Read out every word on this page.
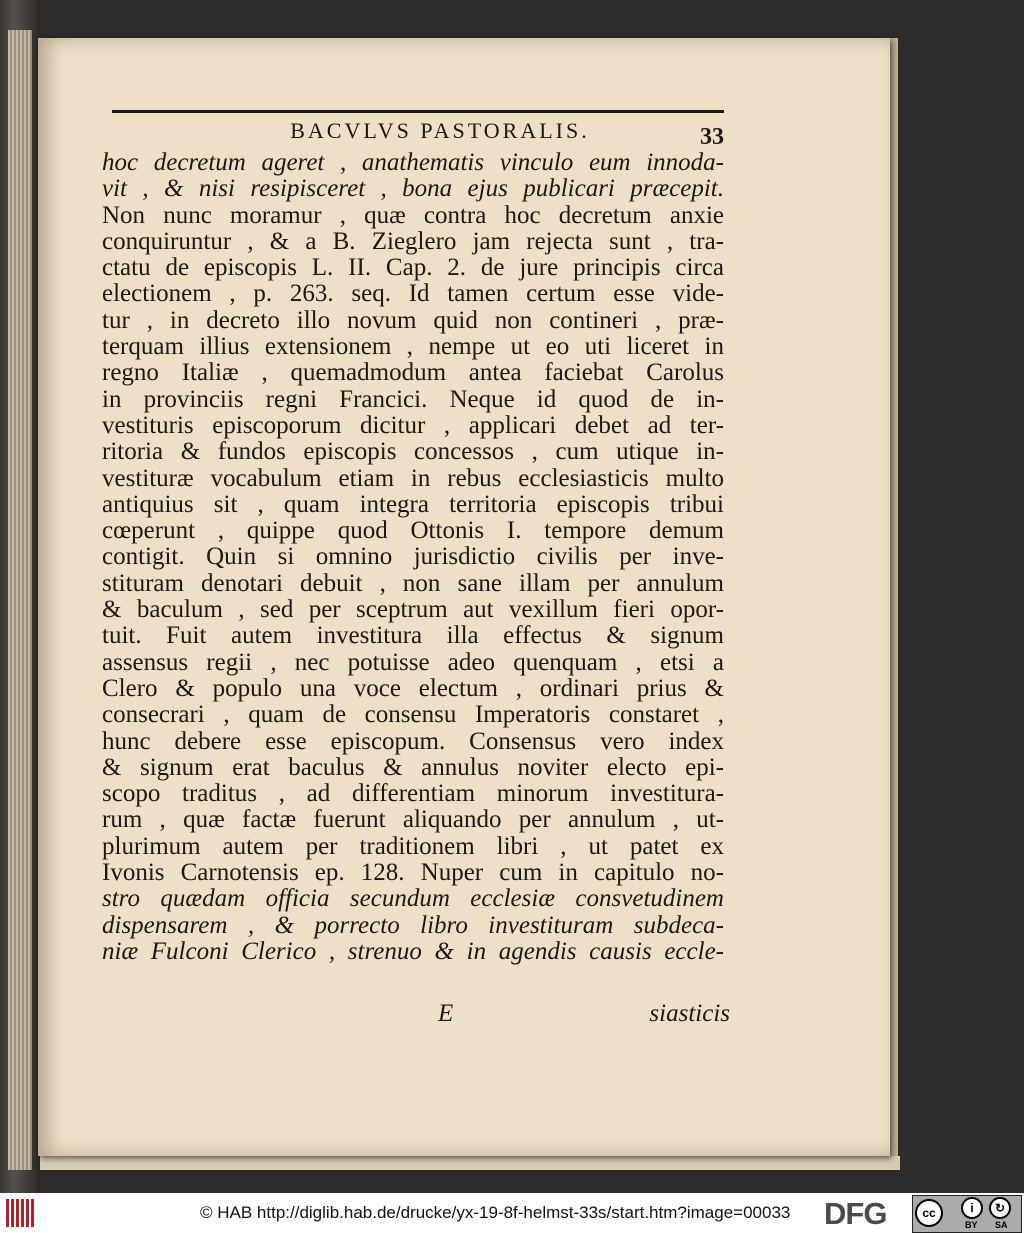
BACVLVS PASTORALIS.	33
hoc decretum ageret , anathematis vinculo eum innoda-
vit , & nisi resipisceret , bona ejus publicari præcepit.
Non nunc moramur , quæ contra hoc decretum anxie
conquiruntur , & a B. Zieglero jam rejecta sunt , tra-
ctatu de episcopis L. II. Cap. 2. de jure principis circa
electionem , p. 263. seq. Id tamen certum esse vide-
tur , in decreto illo novum quid non contineri , præ-
terquam illius extensionem , nempe ut eo uti liceret in
regno Italiæ , quemadmodum antea faciebat Carolus
in provinciis regni Francici. Neque id quod de in-
vestituris episcoporum dicitur , applicari debet ad ter-
ritoria & fundos episcopis concessos , cum utique in-
vestituræ vocabulum etiam in rebus ecclesiasticis multo
antiquius sit , quam integra territoria episcopis tribui
cœperunt , quippe quod Ottonis I. tempore demum
contigit. Quin si omnino jurisdictio civilis per inve-
stituram denotari debuit , non sane illam per annulum
& baculum , sed per sceptrum aut vexillum fieri opor-
tuit. Fuit autem investitura illa effectus & signum
assensus regii , nec potuisse adeo quenquam , etsi a
Clero & populo una voce electum , ordinari prius &
consecrari , quam de consensu Imperatoris constaret ,
hunc debere esse episcopum. Consensus vero index
& signum erat baculus & annulus noviter electo epi-
scopo traditus , ad differentiam minorum investitura-
rum , quæ factæ fuerunt aliquando per annulum , ut-
plurimum autem per traditionem libri , ut patet ex
Ivonis Carnotensis ep. 128. Nuper cum in capitulo no-
stro quædam officia secundum ecclesiæ consvetudinem
dispensarem , & porrecto libro investituram subdeca-
niæ Fulconi Clerico , strenuo & in agendis causis eccle-
E	siasticis
© HAB http://diglib.hab.de/drucke/yx-19-8f-helmst-33s/start.htm?image=00033 DFG	cc	i	↻
BY SA
